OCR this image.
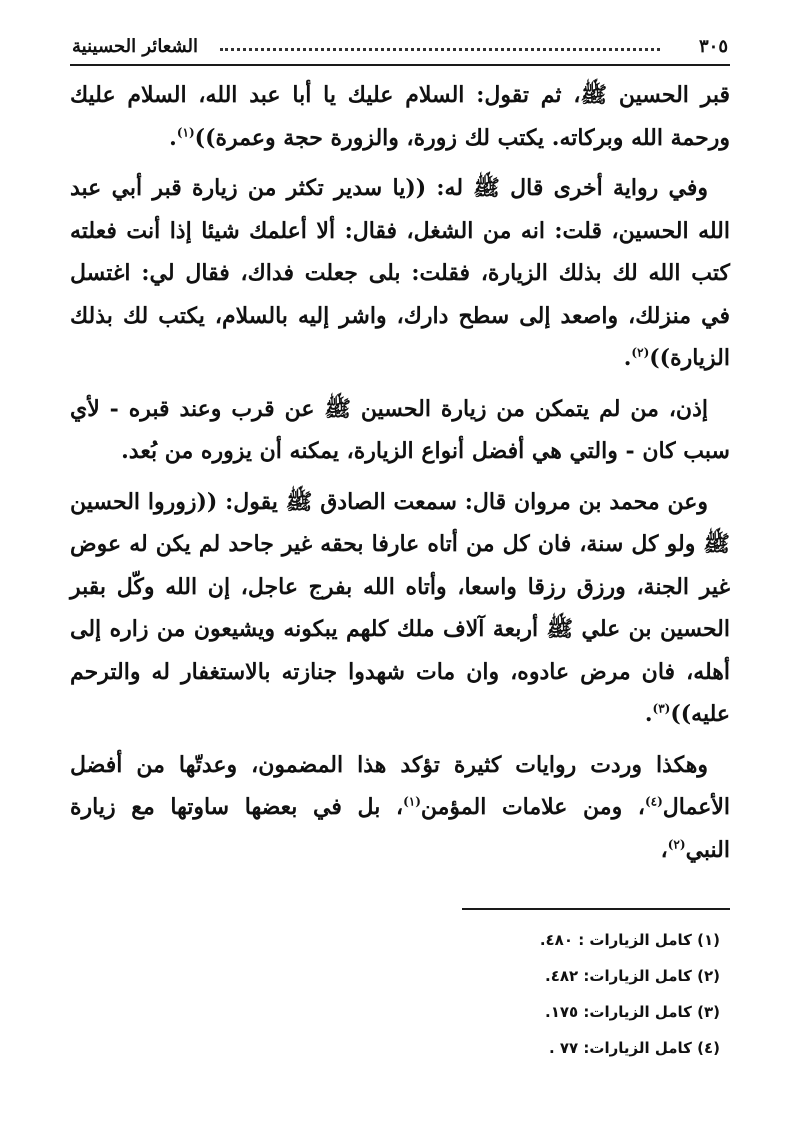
٣٠٥
الشعائر الحسينية

قبر الحسين ﷺ، ثم تقول: السلام عليك يا أبا عبد الله، السلام عليك ورحمة الله وبركاته. يكتب لك زورة، والزورة حجة وعمرة))$^{(١)}$.

وفي رواية أخرى قال ﷺ له: ((يا سدير تكثر من زيارة قبر أبي عبد الله الحسين، قلت: انه من الشغل، فقال: ألا أعلمك شيئا إذا أنت فعلته كتب الله لك بذلك الزيارة، فقلت: بلى جعلت فداك، فقال لي: اغتسل في منزلك، واصعد إلى سطح دارك، واشر إليه بالسلام، يكتب لك بذلك الزيارة))$^{(٢)}$.

إذن، من لم يتمكن من زيارة الحسين ﷺ عن قرب وعند قبره - لأي سبب كان - والتي هي أفضل أنواع الزيارة، يمكنه أن يزوره من بُعد.

وعن محمد بن مروان قال: سمعت الصادق ﷺ يقول: ((زوروا الحسين ﷺ ولو كل سنة، فان كل من أتاه عارفا بحقه غير جاحد لم يكن له عوض غير الجنة، ورزق رزقا واسعا، وأتاه الله بفرج عاجل، إن الله وكّل بقبر الحسين بن علي ﷺ أربعة آلاف ملك كلهم يبكونه ويشيعون من زاره إلى أهله، فان مرض عادوه، وان مات شهدوا جنازته بالاستغفار له والترحم عليه))$^{(٣)}$.

وهكذا وردت روايات كثيرة تؤكد هذا المضمون، وعدتّها من أفضل الأعمال$^{(٤)}$، ومن علامات المؤمن$^{(١)}$، بل في بعضها ساوتها مع زيارة النبي$^{(٢)}$،

(١) كامل الزيارات : ٤٨٠.
(٢) كامل الزيارات: ٤٨٢.
(٣) كامل الزيارات: ١٧٥.
(٤) كامل الزيارات: ٧٧ .
